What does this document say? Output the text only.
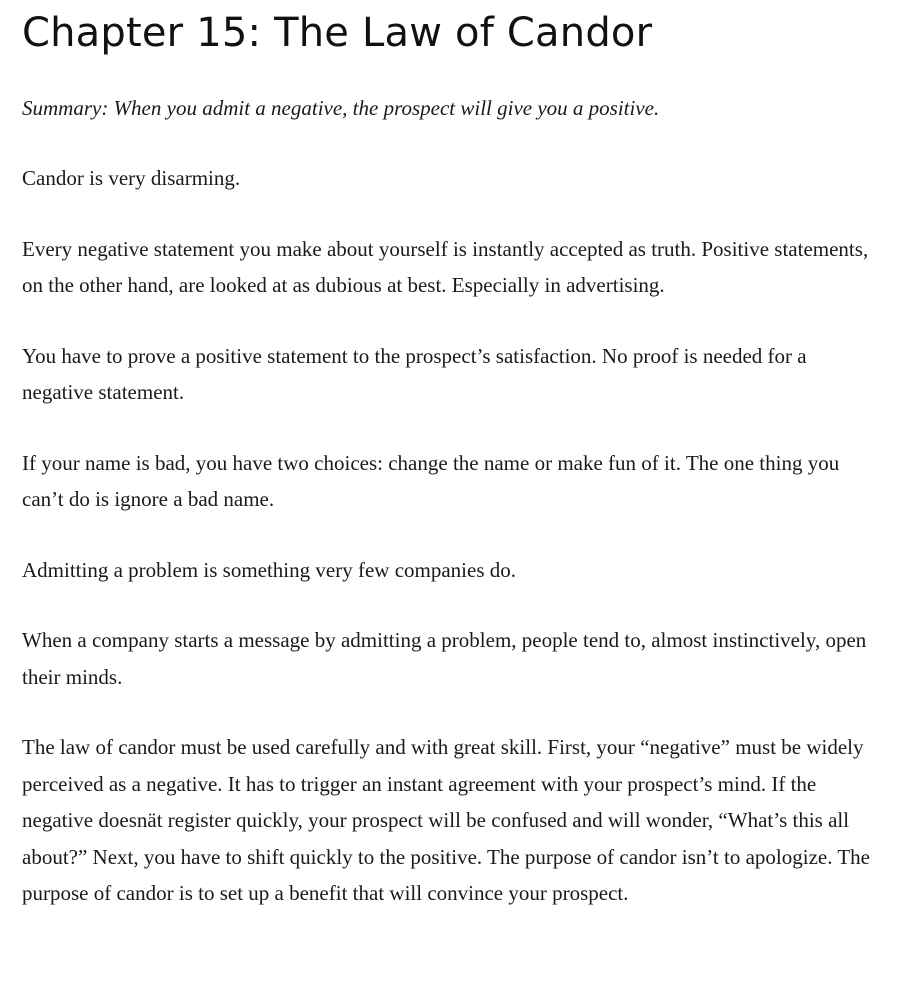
Chapter 15: The Law of Candor

Summary: When you admit a negative, the prospect will give you a positive.

Candor is very disarming.

Every negative statement you make about yourself is instantly accepted as truth. Positive statements, on the other hand, are looked at as dubious at best. Especially in advertising.

You have to prove a positive statement to the prospect’s satisfaction. No proof is needed for a negative statement.

If your name is bad, you have two choices: change the name or make fun of it. The one thing you can’t do is ignore a bad name.

Admitting a problem is something very few companies do.

When a company starts a message by admitting a problem, people tend to, almost instinctively, open their minds.

The law of candor must be used carefully and with great skill. First, your “negative” must be widely perceived as a negative. It has to trigger an instant agreement with your prospect’s mind. If the negative doesnät register quickly, your prospect will be confused and will wonder, “What’s this all about?” Next, you have to shift quickly to the positive. The purpose of candor isn’t to apologize. The purpose of candor is to set up a benefit that will convince your prospect.
